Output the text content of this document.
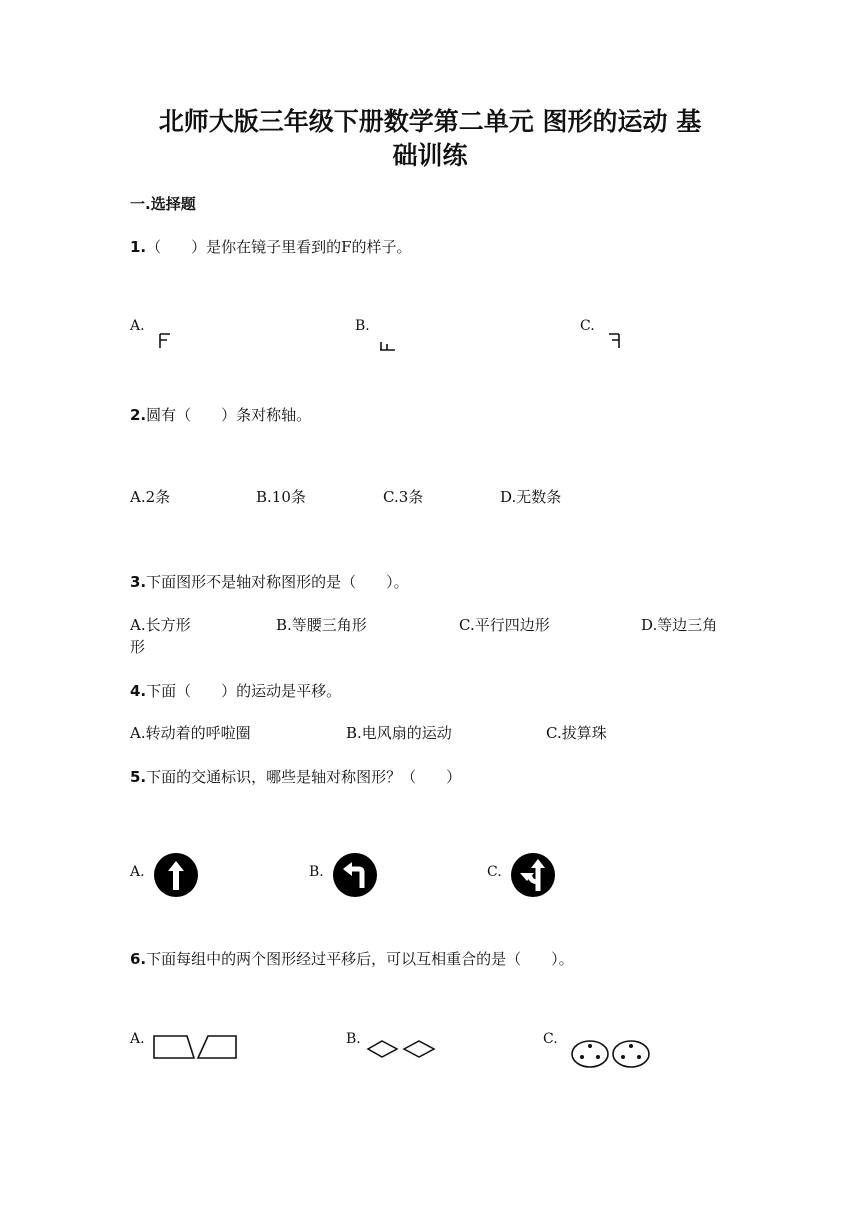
北师大版三年级下册数学第二单元 图形的运动 基
础训练
一.选择题
1.（　　）是你在镜子里看到的F的样子。
A.	B.	C.
2.圆有（　　）条对称轴。
A.2条	B.10条	C.3条	D.无数条
3.下面图形不是轴对称图形的是（　　）。
A.长方形	B.等腰三角形	C.平行四边形	D.等边三角
形
4.下面（　　）的运动是平移。
A.转动着的呼啦圈	B.电风扇的运动	C.拔算珠
5.下面的交通标识，哪些是轴对称图形？（　　）
A.	B.	C.
6.下面每组中的两个图形经过平移后，可以互相重合的是（　　）。
A.	B.	C.
